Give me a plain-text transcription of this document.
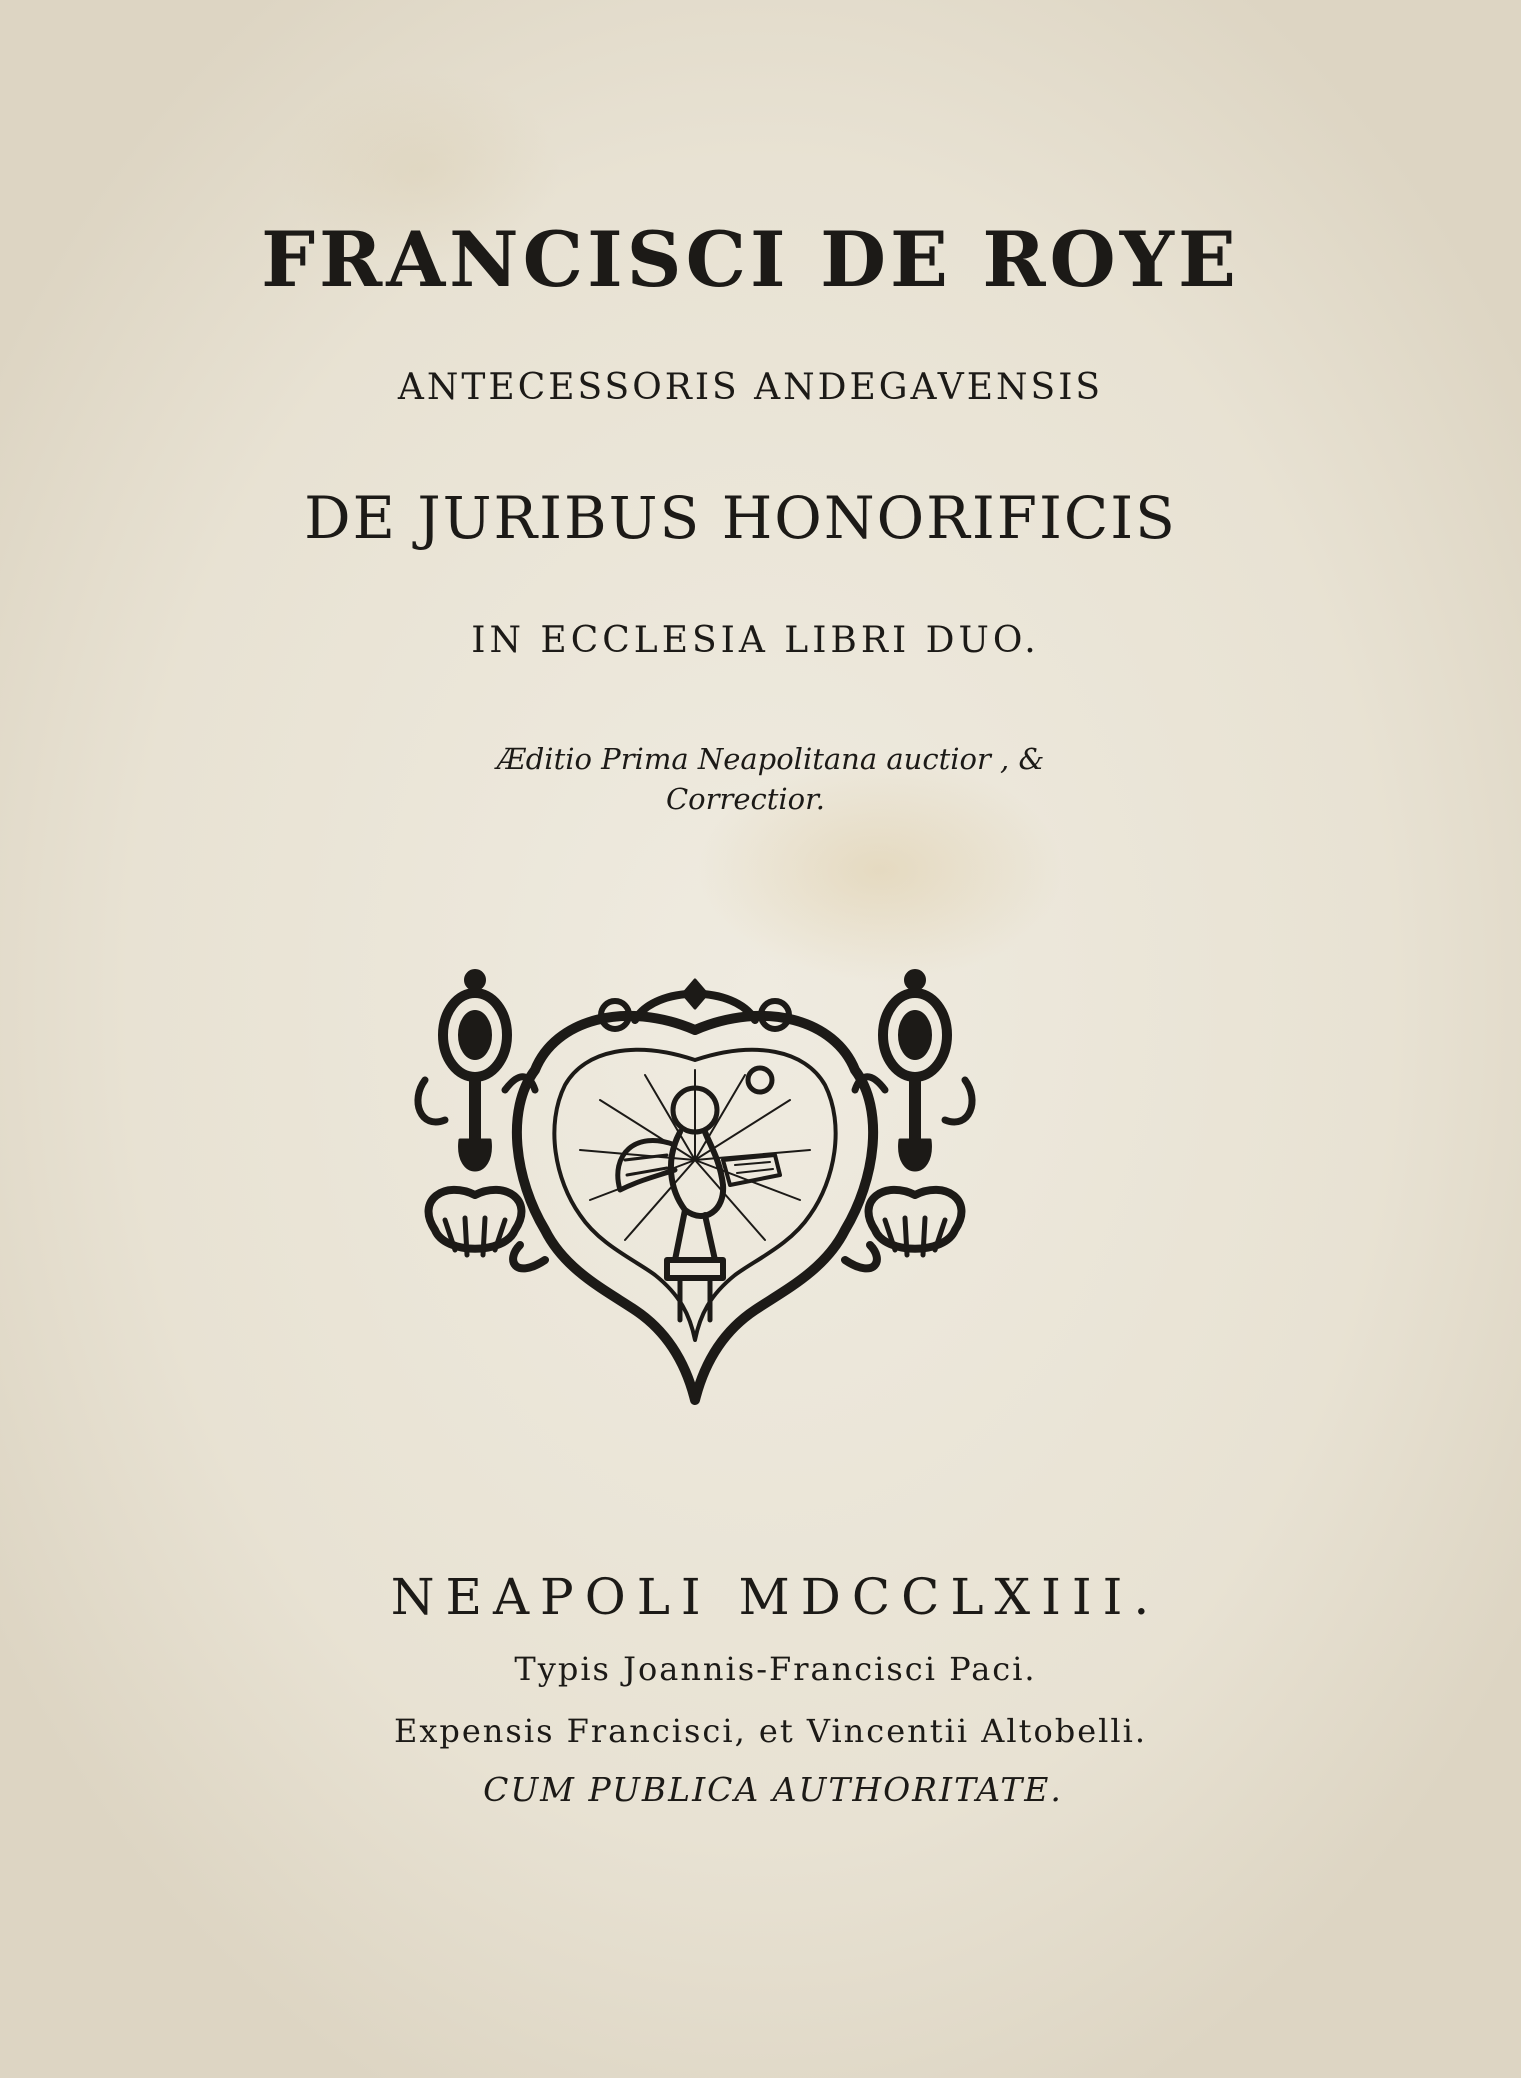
FRANCISCI DE ROYE

ANTECESSORIS ANDEGAVENSIS

DE JURIBUS HONORIFICIS

IN ECCLESIA LIBRI DUO.

Æditio Prima Neapolitana auctior , &

Correctior.

NEAPOLI MDCCLXIII.

Typis Joannis-Francisci Paci.

Expensis Francisci, et Vincentii Altobelli.

CUM PUBLICA AUTHORITATE.
